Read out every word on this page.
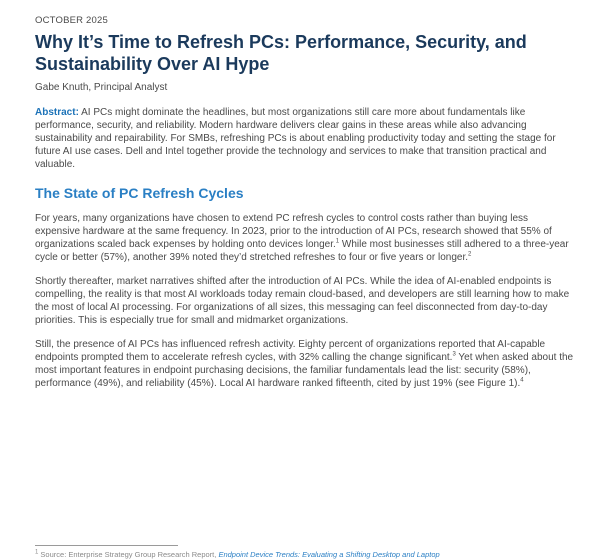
OCTOBER 2025
Why It’s Time to Refresh PCs: Performance, Security, and Sustainability Over AI Hype
Gabe Knuth, Principal Analyst

Abstract: AI PCs might dominate the headlines, but most organizations still care more about fundamentals like performance, security, and reliability. Modern hardware delivers clear gains in these areas while also advancing sustainability and repairability. For SMBs, refreshing PCs is about enabling productivity today and setting the stage for future AI use cases. Dell and Intel together provide the technology and services to make that transition practical and valuable.

The State of PC Refresh Cycles

For years, many organizations have chosen to extend PC refresh cycles to control costs rather than buying less expensive hardware at the same frequency. In 2023, prior to the introduction of AI PCs, research showed that 55% of organizations scaled back expenses by holding onto devices longer.$^1$ While most businesses still adhered to a three-year cycle or better (57%), another 39% noted they’d stretched refreshes to four or five years or longer.$^2$

Shortly thereafter, market narratives shifted after the introduction of AI PCs. While the idea of AI-enabled endpoints is compelling, the reality is that most AI workloads today remain cloud-based, and developers are still learning how to make the most of local AI processing. For organizations of all sizes, this messaging can feel disconnected from day-to-day priorities. This is especially true for small and midmarket organizations.

Still, the presence of AI PCs has influenced refresh activity. Eighty percent of organizations reported that AI-capable endpoints prompted them to accelerate refresh cycles, with 32% calling the change significant.$^3$ Yet when asked about the most important features in endpoint purchasing decisions, the familiar fundamentals lead the list: security (58%), performance (49%), and reliability (45%). Local AI hardware ranked fifteenth, cited by just 19% (see Figure 1).$^4$

$^1$ Source: Enterprise Strategy Group Research Report, Endpoint Device Trends: Evaluating a Shifting Desktop and Laptop
